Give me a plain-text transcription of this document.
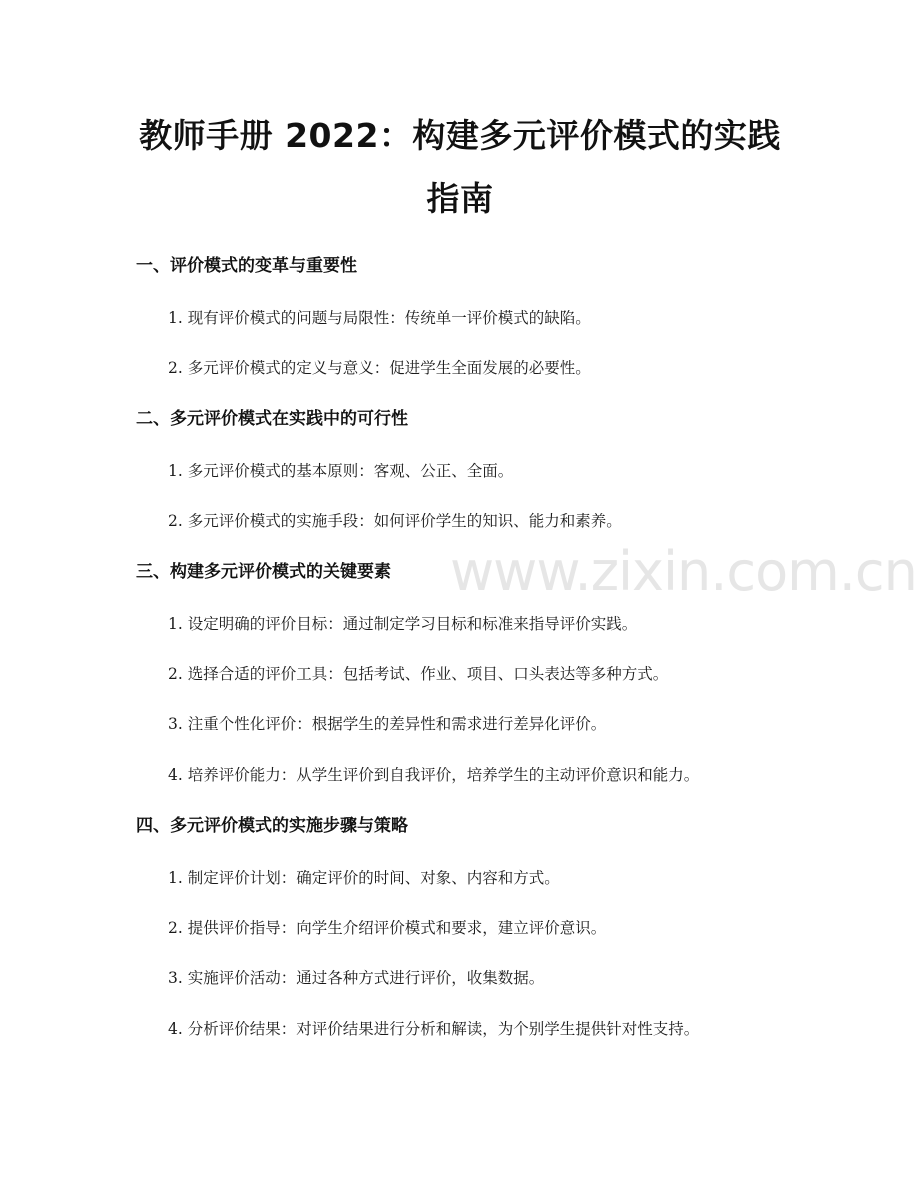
www.zixin.com.cn
教师手册 2022：构建多元评价模式的实践指南
一、评价模式的变革与重要性
1. 现有评价模式的问题与局限性：传统单一评价模式的缺陷。
2. 多元评价模式的定义与意义：促进学生全面发展的必要性。
二、多元评价模式在实践中的可行性
1. 多元评价模式的基本原则：客观、公正、全面。
2. 多元评价模式的实施手段：如何评价学生的知识、能力和素养。
三、构建多元评价模式的关键要素
1. 设定明确的评价目标：通过制定学习目标和标准来指导评价实践。
2. 选择合适的评价工具：包括考试、作业、项目、口头表达等多种方式。
3. 注重个性化评价：根据学生的差异性和需求进行差异化评价。
4. 培养评价能力：从学生评价到自我评价，培养学生的主动评价意识和能力。
四、多元评价模式的实施步骤与策略
1. 制定评价计划：确定评价的时间、对象、内容和方式。
2. 提供评价指导：向学生介绍评价模式和要求，建立评价意识。
3. 实施评价活动：通过各种方式进行评价，收集数据。
4. 分析评价结果：对评价结果进行分析和解读，为个别学生提供针对性支持。
